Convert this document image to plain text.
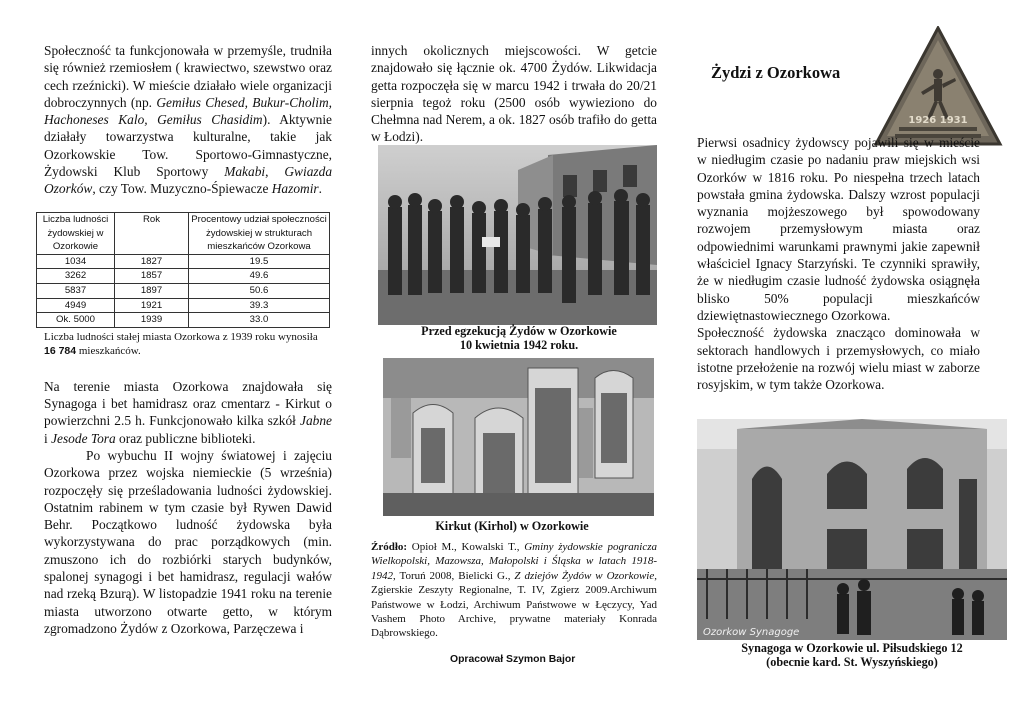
Społeczność ta funkcjonowała w przemyśle, trudniła się również rzemiosłem ( krawiectwo, szewstwo oraz cech rzeźnicki). W mieście działało wiele organizacji dobroczynnych (np. Gemiłus Chesed, Bukur-Cholim, Hachoneses Kalo, Gemiłus Chasidim). Aktywnie działały towarzystwa kulturalne, takie jak Ozorkowskie Tow. Sportowo-Gimnastyczne, Żydowski Klub Sportowy Makabi, Gwiazda Ozorków, czy Tow. Muzyczno-Śpiewacze Hazomir.

Liczba ludności żydowskiej w Ozorkowie	Rok	Procentowy udział społeczności żydowskiej w strukturach mieszkańców Ozorkowa
1034	1827	19.5
3262	1857	49.6
5837	1897	50.6
4949	1921	39.3
Ok. 5000	1939	33.0

Liczba ludności stałej miasta Ozorkowa z 1939 roku wynosiła 16 784 mieszkańców.

Na terenie miasta Ozorkowa znajdowała się Synagoga i bet hamidrasz oraz cmentarz - Kirkut o powierzchni 2.5 h. Funkcjonowało kilka szkół Jabne i Jesode Tora oraz publiczne biblioteki.

Po wybuchu II wojny światowej i zajęciu Ozorkowa przez wojska niemieckie (5 września) rozpoczęły się prześladowania ludności żydowskiej. Ostatnim rabinem w tym czasie był Rywen Dawid Behr. Początkowo ludność żydowska była wykorzystywana do prac porządkowych (min. zmuszono ich do rozbiórki starych budynków, spalonej synagogi i bet hamidrasz, regulacji wałów nad rzeką Bzurą). W listopadzie 1941 roku na terenie miasta utworzono otwarte getto, w którym zgromadzono Żydów z Ozorkowa, Parzęczewa i

innych okolicznych miejscowości. W getcie znajdowało się łącznie ok. 4700 Żydów. Likwidacja getta rozpoczęła się w marcu 1942 i trwała do 20/21 sierpnia tegoż roku (2500 osób wywieziono do Chełmna nad Nerem, a ok. 1827 osób trafiło do getta w Łodzi).

Przed egzekucją Żydów w Ozorkowie
10 kwietnia 1942 roku.
Kirkut (Kirhol) w Ozorkowie
Źródło: Opioł M., Kowalski T., Gminy żydowskie pogranicza Wielkopolski, Mazowsza, Małopolski i Śląska w latach 1918-1942, Toruń 2008, Bielicki G., Z dziejów Żydów w Ozorkowie, Zgierskie Zeszyty Regionalne, T. IV, Zgierz 2009.Archiwum Państwowe w Łodzi, Archiwum Państwowe w Łęczycy, Yad Vashem Photo Archive, prywatne materiały Konrada Dąbrowskiego.
Opracował Szymon Bajor
Żydzi z Ozorkowa
1926 1931

Pierwsi osadnicy żydowscy pojawili się w mieście w niedługim czasie po nadaniu praw miejskich wsi Ozorków w 1816 roku. Po niespełna trzech latach powstała gmina żydowska. Dalszy wzrost populacji wyznania mojżeszowego był spowodowany rozwojem przemysłowym miasta oraz odpowiednimi warunkami prawnymi jakie zapewnił właściciel Ignacy Starzyński. Te czynniki sprawiły, że w niedługim czasie ludność żydowska osiągnęła blisko 50% populacji mieszkańców dziewiętnastowiecznego Ozorkowa.

Społeczność żydowska znacząco dominowała w sektorach handlowych i przemysłowych, co miało istotne przełożenie na rozwój wielu miast w zaborze rosyjskim, w tym także Ozorkowa.

Ozorkow Synagoge
Synagoga w Ozorkowie ul. Piłsudskiego 12
(obecnie kard. St. Wyszyńskiego)
